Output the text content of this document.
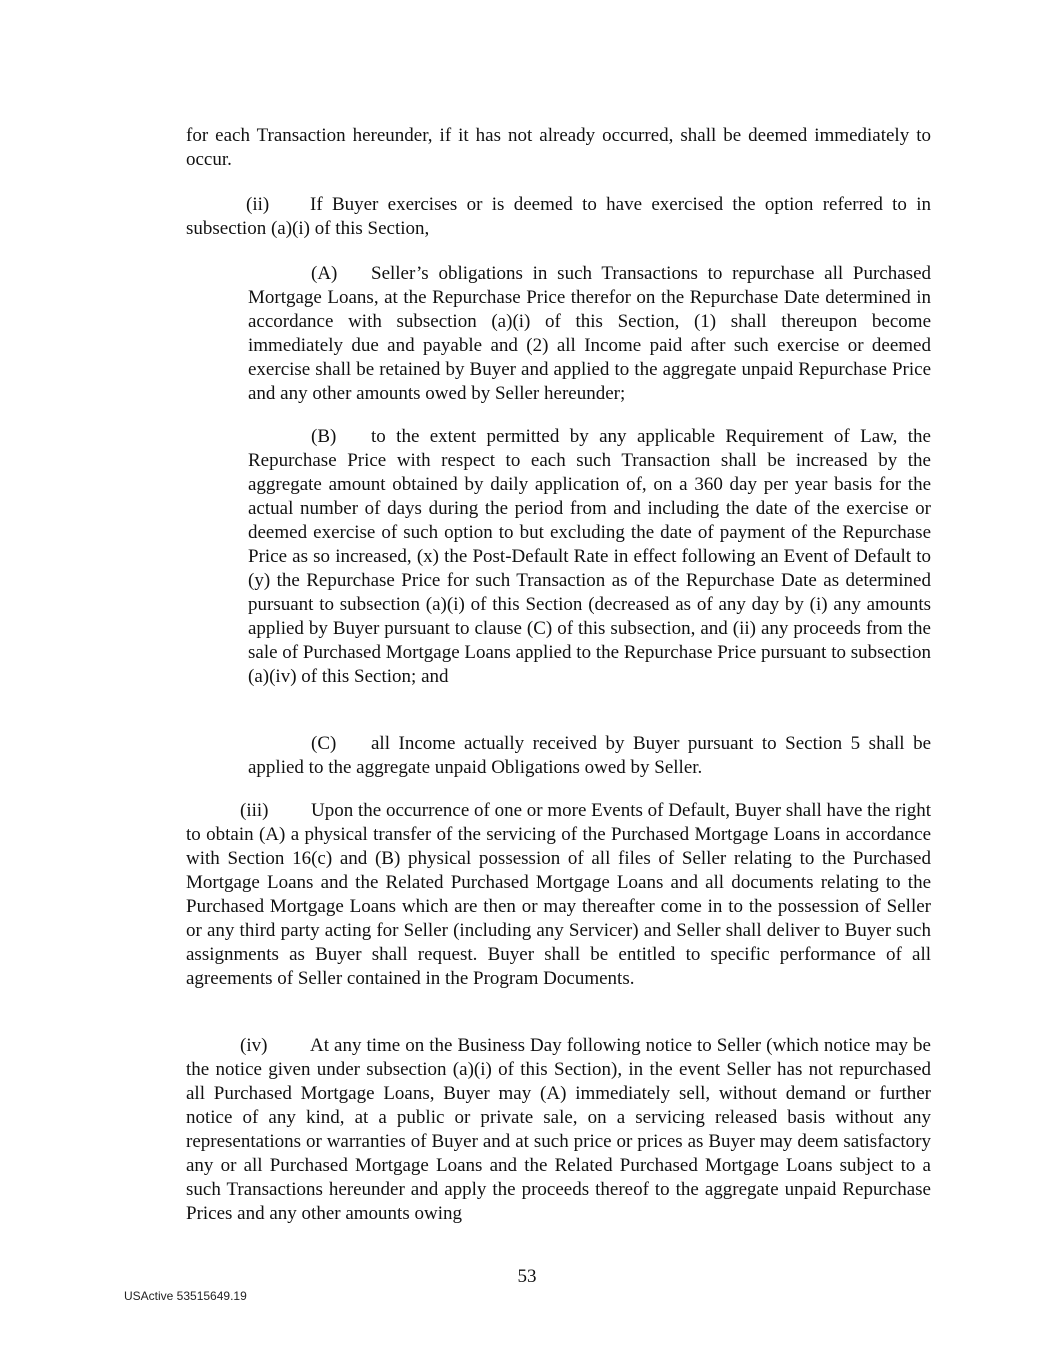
for each Transaction hereunder, if it has not already occurred, shall be deemed immediately to occur.

(ii) If Buyer exercises or is deemed to have exercised the option referred to in subsection (a)(i) of this Section,

(A) Seller’s obligations in such Transactions to repurchase all Purchased Mortgage Loans, at the Repurchase Price therefor on the Repurchase Date determined in accordance with subsection (a)(i) of this Section, (1) shall thereupon become immediately due and payable and (2) all Income paid after such exercise or deemed exercise shall be retained by Buyer and applied to the aggregate unpaid Repurchase Price and any other amounts owed by Seller hereunder;

(B) to the extent permitted by any applicable Requirement of Law, the Repurchase Price with respect to each such Transaction shall be increased by the aggregate amount obtained by daily application of, on a 360 day per year basis for the actual number of days during the period from and including the date of the exercise or deemed exercise of such option to but excluding the date of payment of the Repurchase Price as so increased, (x) the Post-Default Rate in effect following an Event of Default to (y) the Repurchase Price for such Transaction as of the Repurchase Date as determined pursuant to subsection (a)(i) of this Section (decreased as of any day by (i) any amounts applied by Buyer pursuant to clause (C) of this subsection, and (ii) any proceeds from the sale of Purchased Mortgage Loans applied to the Repurchase Price pursuant to subsection (a)(iv) of this Section; and

(C) all Income actually received by Buyer pursuant to Section 5 shall be applied to the aggregate unpaid Obligations owed by Seller.

(iii) Upon the occurrence of one or more Events of Default, Buyer shall have the right to obtain (A) a physical transfer of the servicing of the Purchased Mortgage Loans in accordance with Section 16(c) and (B) physical possession of all files of Seller relating to the Purchased Mortgage Loans and the Related Purchased Mortgage Loans and all documents relating to the Purchased Mortgage Loans which are then or may thereafter come in to the possession of Seller or any third party acting for Seller (including any Servicer) and Seller shall deliver to Buyer such assignments as Buyer shall request. Buyer shall be entitled to specific performance of all agreements of Seller contained in the Program Documents.

(iv) At any time on the Business Day following notice to Seller (which notice may be the notice given under subsection (a)(i) of this Section), in the event Seller has not repurchased all Purchased Mortgage Loans, Buyer may (A) immediately sell, without demand or further notice of any kind, at a public or private sale, on a servicing released basis without any representations or warranties of Buyer and at such price or prices as Buyer may deem satisfactory any or all Purchased Mortgage Loans and the Related Purchased Mortgage Loans subject to a such Transactions hereunder and apply the proceeds thereof to the aggregate unpaid Repurchase Prices and any other amounts owing

53
USActive 53515649.19
